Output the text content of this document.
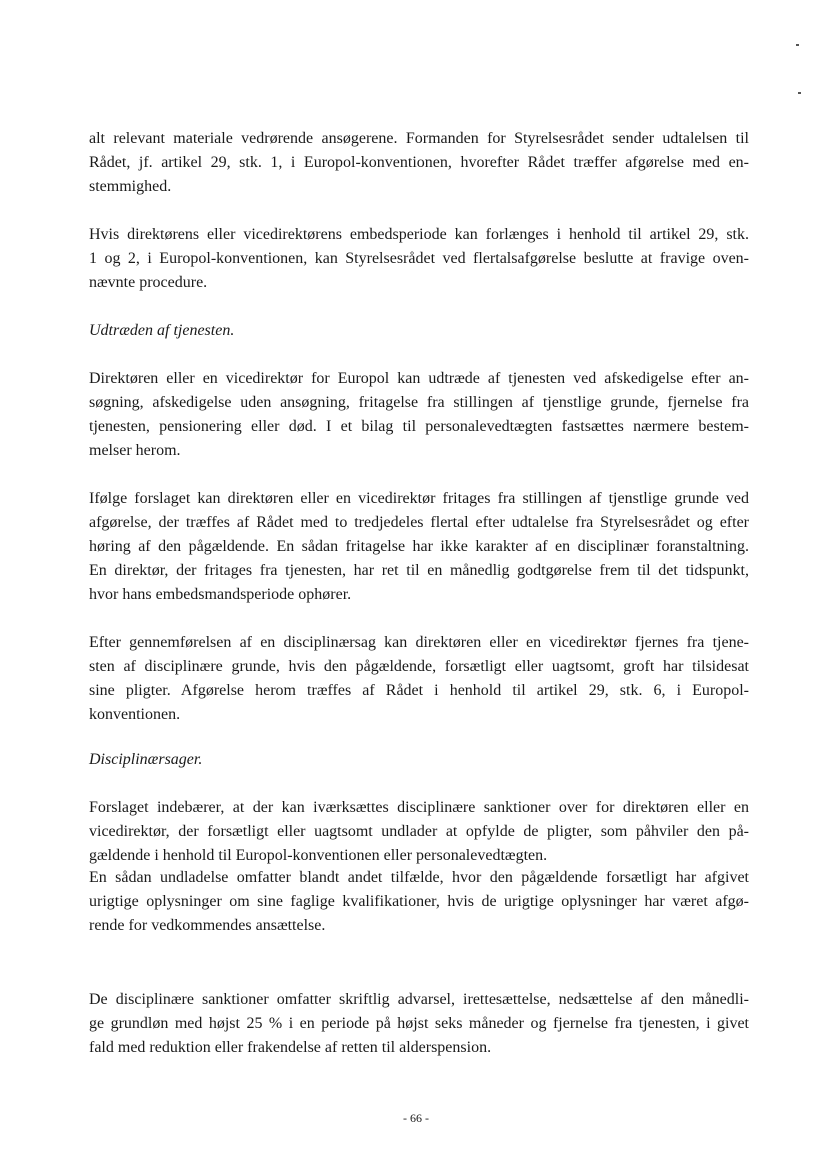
alt relevant materiale vedrørende ansøgerene. Formanden for Styrelsesrådet sender udtalelsen til
Rådet, jf. artikel 29, stk. 1, i Europol-konventionen, hvorefter Rådet træffer afgørelse med en-
stemmighed.

Hvis direktørens eller vicedirektørens embedsperiode kan forlænges i henhold til artikel 29, stk.
1 og 2, i Europol-konventionen, kan Styrelsesrådet ved flertalsafgørelse beslutte at fravige oven-
nævnte procedure.

Udtræden af tjenesten.

Direktøren eller en vicedirektør for Europol kan udtræde af tjenesten ved afskedigelse efter an-
søgning, afskedigelse uden ansøgning, fritagelse fra stillingen af tjenstlige grunde, fjernelse fra
tjenesten, pensionering eller død. I et bilag til personalevedtægten fastsættes nærmere bestem-
melser herom.

Ifølge forslaget kan direktøren eller en vicedirektør fritages fra stillingen af tjenstlige grunde ved
afgørelse, der træffes af Rådet med to tredjedeles flertal efter udtalelse fra Styrelsesrådet og efter
høring af den pågældende. En sådan fritagelse har ikke karakter af en disciplinær foranstaltning.
En direktør, der fritages fra tjenesten, har ret til en månedlig godtgørelse frem til det tidspunkt,
hvor hans embedsmandsperiode ophører.

Efter gennemførelsen af en disciplinærsag kan direktøren eller en vicedirektør fjernes fra tjene-
sten af disciplinære grunde, hvis den pågældende, forsætligt eller uagtsomt, groft har tilsidesat
sine pligter. Afgørelse herom træffes af Rådet i henhold til artikel 29, stk. 6, i Europol-
konventionen.

Disciplinærsager.

Forslaget indebærer, at der kan iværksættes disciplinære sanktioner over for direktøren eller en
vicedirektør, der forsætligt eller uagtsomt undlader at opfylde de pligter, som påhviler den på-
gældende i henhold til Europol-konventionen eller personalevedtægten.

En sådan undladelse omfatter blandt andet tilfælde, hvor den pågældende forsætligt har afgivet
urigtige oplysninger om sine faglige kvalifikationer, hvis de urigtige oplysninger har været afgø-
rende for vedkommendes ansættelse.

De disciplinære sanktioner omfatter skriftlig advarsel, irettesættelse, nedsættelse af den månedli-
ge grundløn med højst 25 % i en periode på højst seks måneder og fjernelse fra tjenesten, i givet
fald med reduktion eller frakendelse af retten til alderspension.

- 66 -
